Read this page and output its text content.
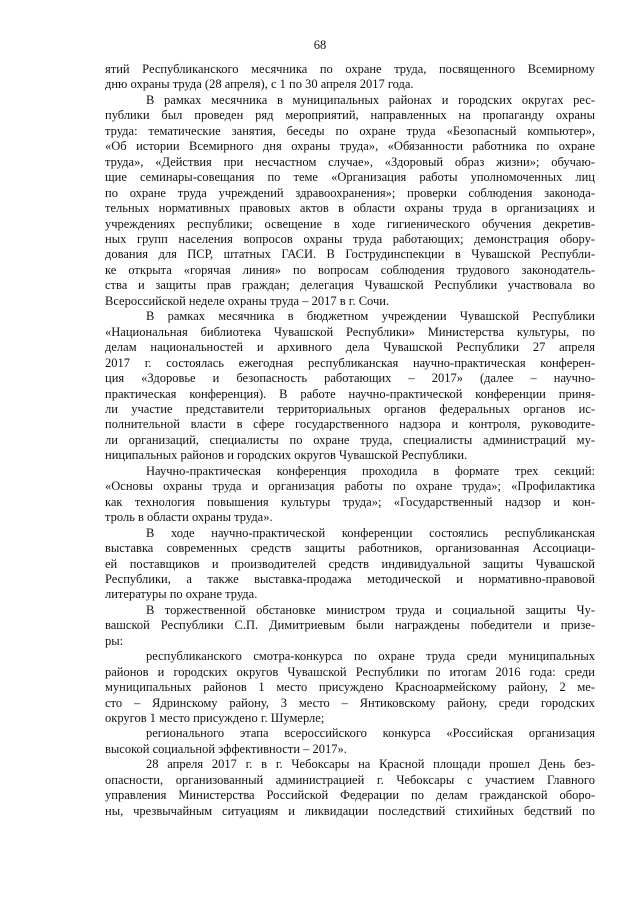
68
ятий Республиканского месячника по охране труда, посвященного Всемирному
дню охраны труда (28 апреля), с 1 по 30 апреля 2017 года.
В рамках месячника в муниципальных районах и городских округах рес-
публики был проведен ряд мероприятий, направленных на пропаганду охраны
труда: тематические занятия, беседы по охране труда «Безопасный компьютер»,
«Об истории Всемирного дня охраны труда», «Обязанности работника по охране
труда», «Действия при несчастном случае», «Здоровый образ жизни»; обучаю-
щие семинары-совещания по теме «Организация работы уполномоченных лиц
по охране труда учреждений здравоохранения»; проверки соблюдения законода-
тельных нормативных правовых актов в области охраны труда в организациях и
учреждениях республики; освещение в ходе гигиенического обучения декретив-
ных групп населения вопросов охраны труда работающих; демонстрация обору-
дования для ПСР, штатных ГАСИ. В Гострудинспекции в Чувашской Республи-
ке открыта «горячая линия» по вопросам соблюдения трудового законодатель-
ства и защиты прав граждан; делегация Чувашской Республики участвовала во
Всероссийской неделе охраны труда – 2017 в г. Сочи.
В рамках месячника в бюджетном учреждении Чувашской Республики
«Национальная библиотека Чувашской Республики» Министерства культуры, по
делам национальностей и архивного дела Чувашской Республики 27 апреля
2017 г. состоялась ежегодная республиканская научно-практическая конферен-
ция «Здоровье и безопасность работающих – 2017» (далее – научно-
практическая конференция). В работе научно-практической конференции приня-
ли участие представители территориальных органов федеральных органов ис-
полнительной власти в сфере государственного надзора и контроля, руководите-
ли организаций, специалисты по охране труда, специалисты администраций му-
ниципальных районов и городских округов Чувашской Республики.
Научно-практическая конференция проходила в формате трех секций:
«Основы охраны труда и организация работы по охране труда»; «Профилактика
как технология повышения культуры труда»; «Государственный надзор и кон-
троль в области охраны труда».
В ходе научно-практической конференции состоялись республиканская
выставка современных средств защиты работников, организованная Ассоциаци-
ей поставщиков и производителей средств индивидуальной защиты Чувашской
Республики, а также выставка-продажа методической и нормативно-правовой
литературы по охране труда.
В торжественной обстановке министром труда и социальной защиты Чу-
вашской Республики С.П. Димитриевым были награждены победители и призе-
ры:
республиканского смотра-конкурса по охране труда среди муниципальных
районов и городских округов Чувашской Республики по итогам 2016 года: среди
муниципальных районов 1 место присуждено Красноармейскому району, 2 ме-
сто – Ядринскому району, 3 место – Янтиковскому району, среди городских
округов 1 место присуждено г. Шумерле;
регионального этапа всероссийского конкурса «Российская организация
высокой социальной эффективности – 2017».
28 апреля 2017 г. в г. Чебоксары на Красной площади прошел День без-
опасности, организованный администрацией г. Чебоксары с участием Главного
управления Министерства Российской Федерации по делам гражданской оборо-
ны, чрезвычайным ситуациям и ликвидации последствий стихийных бедствий по
